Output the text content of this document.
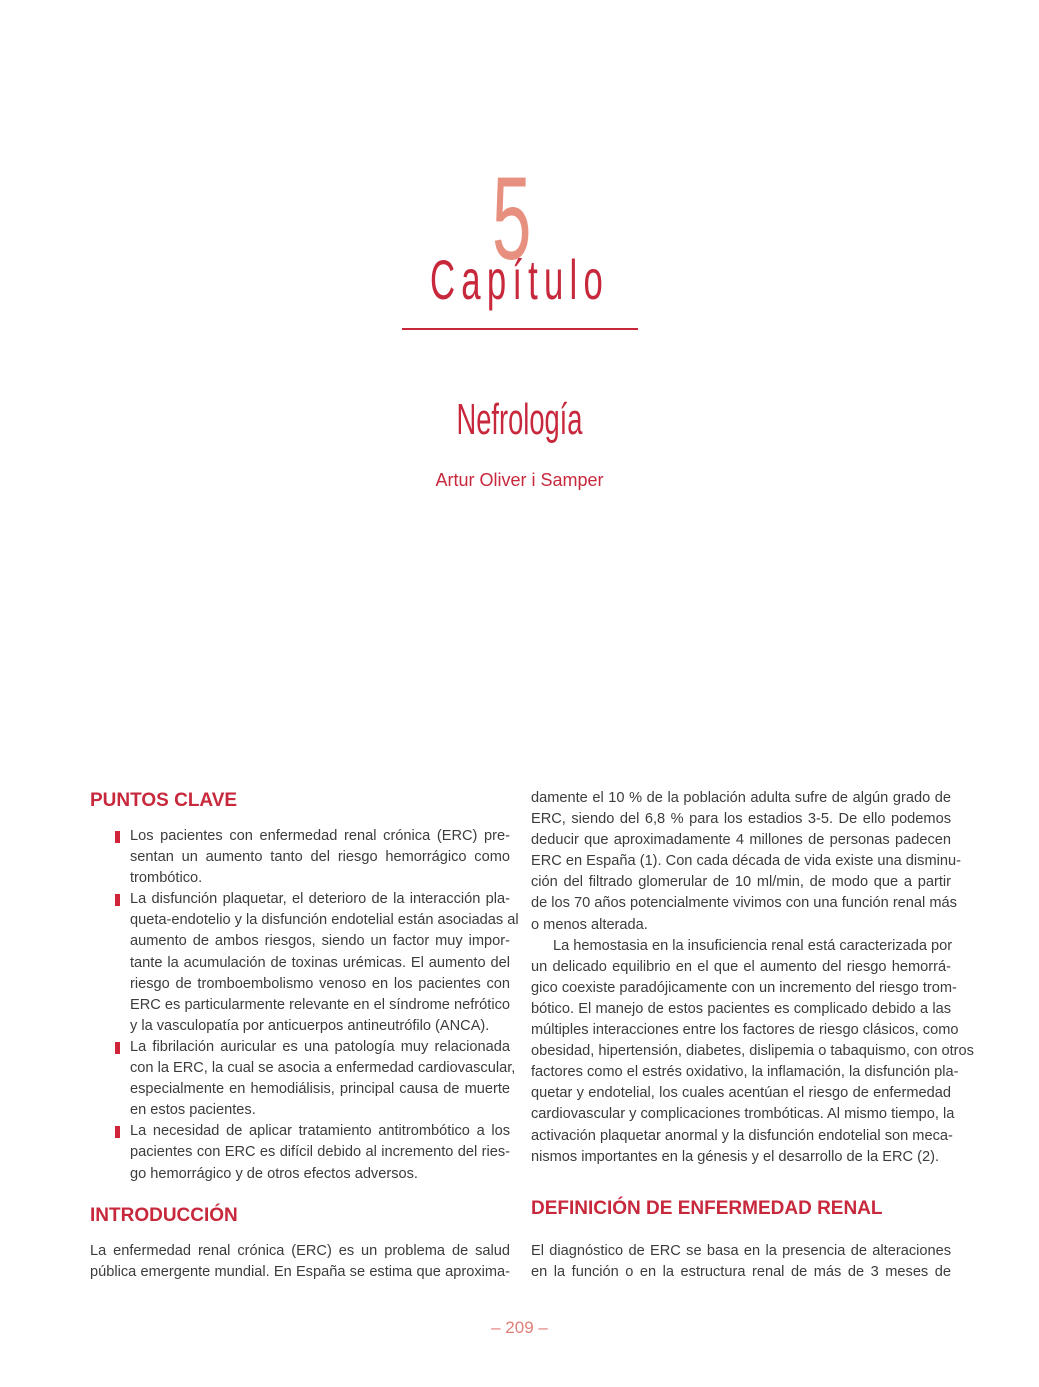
5
Capítulo
Nefrología
Artur Oliver i Samper
PUNTOS CLAVE
Los pacientes con enfermedad renal crónica (ERC) pre-
sentan un aumento tanto del riesgo hemorrágico como
trombótico.
La disfunción plaquetar, el deterioro de la interacción pla-
queta-endotelio y la disfunción endotelial están asociadas al
aumento de ambos riesgos, siendo un factor muy impor-
tante la acumulación de toxinas urémicas. El aumento del
riesgo de tromboembolismo venoso en los pacientes con
ERC es particularmente relevante en el síndrome nefrótico
y la vasculopatía por anticuerpos antineutrófilo (ANCA).
La fibrilación auricular es una patología muy relacionada
con la ERC, la cual se asocia a enfermedad cardiovascular,
especialmente en hemodiálisis, principal causa de muerte
en estos pacientes.
La necesidad de aplicar tratamiento antitrombótico a los
pacientes con ERC es difícil debido al incremento del ries-
go hemorrágico y de otros efectos adversos.
INTRODUCCIÓN
La enfermedad renal crónica (ERC) es un problema de salud
pública emergente mundial. En España se estima que aproxima-
damente el 10 % de la población adulta sufre de algún grado de
ERC, siendo del 6,8 % para los estadios 3-5. De ello podemos
deducir que aproximadamente 4 millones de personas padecen
ERC en España (1). Con cada década de vida existe una disminu-
ción del filtrado glomerular de 10 ml/min, de modo que a partir
de los 70 años potencialmente vivimos con una función renal más
o menos alterada.
La hemostasia en la insuficiencia renal está caracterizada por
un delicado equilibrio en el que el aumento del riesgo hemorrá-
gico coexiste paradójicamente con un incremento del riesgo trom-
bótico. El manejo de estos pacientes es complicado debido a las
múltiples interacciones entre los factores de riesgo clásicos, como
obesidad, hipertensión, diabetes, dislipemia o tabaquismo, con otros
factores como el estrés oxidativo, la inflamación, la disfunción pla-
quetar y endotelial, los cuales acentúan el riesgo de enfermedad
cardiovascular y complicaciones trombóticas. Al mismo tiempo, la
activación plaquetar anormal y la disfunción endotelial son meca-
nismos importantes en la génesis y el desarrollo de la ERC (2).
DEFINICIÓN DE ENFERMEDAD RENAL
El diagnóstico de ERC se basa en la presencia de alteraciones
en la función o en la estructura renal de más de 3 meses de
– 209 –
